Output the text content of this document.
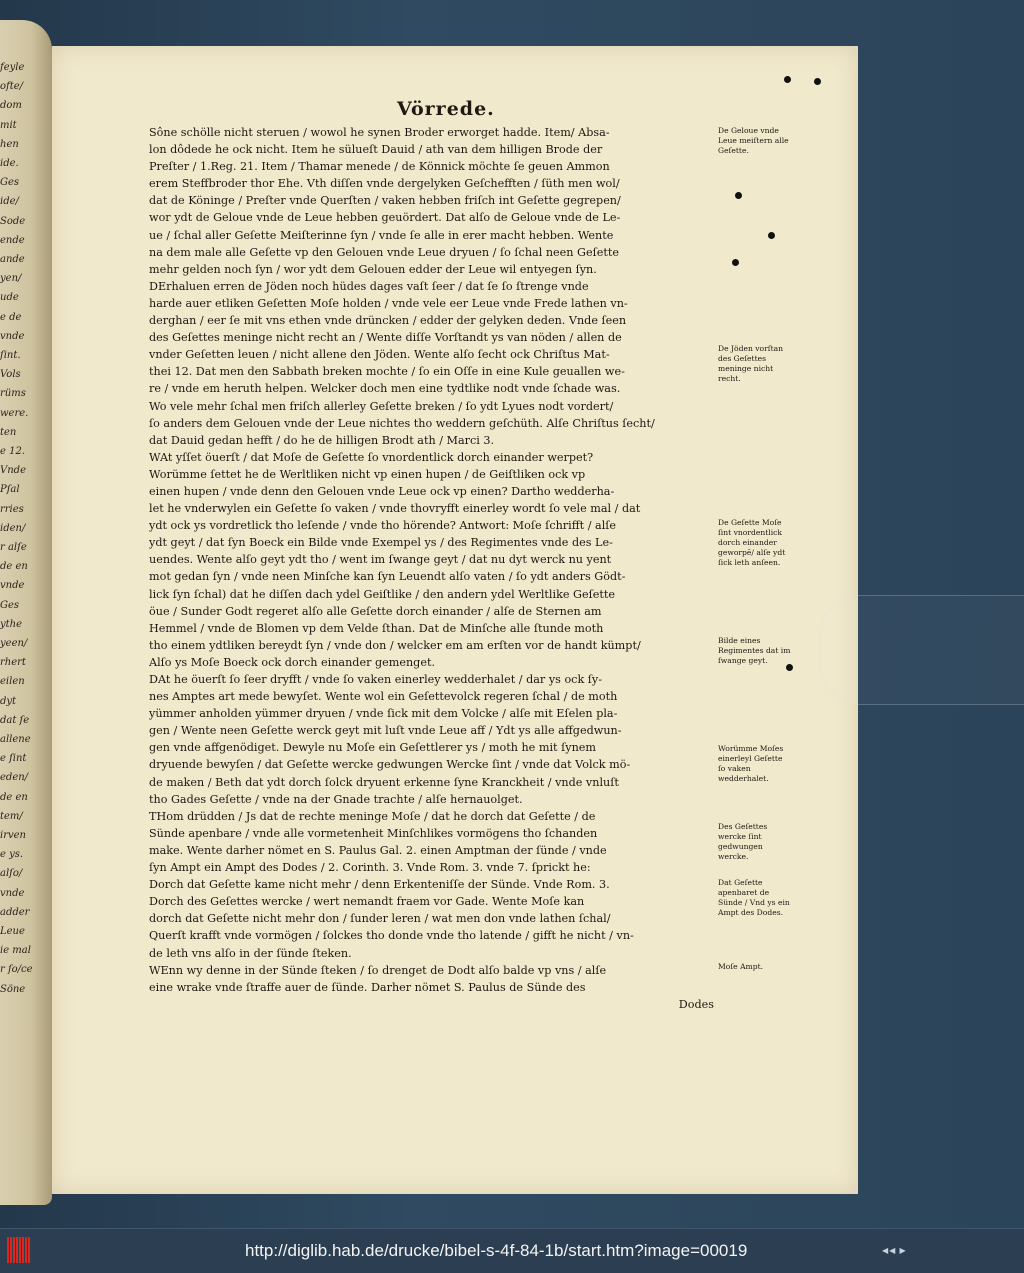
feyle
ofte/
dom
mit
hen
ide.
Ges
ide/
Sode
ende
ande
yen/
ude
e de
vnde
ſint.
Vols
rüms
were.
ten
e 12.
Vnde
Pſal
rries
iden/
r alſe
de en
vnde
Ges
ythe
yeen/
rhert
eilen
dyt
dat ſe
allene
e ſint
eden/
de en
tem/
irven
e ys.
alſo/
vnde
adder
Leue
ie mal
r ſo/ce
Söne
Vörrede.
Sône schölle nicht steruen / wowol he synen Broder erworget hadde. Item/ Absa-
lon dôdede he ock nicht. Item he sülueſt Dauid / ath van dem hilligen Brode der
Preſter / 1.Reg. 21. Item / Thamar menede / de Könnick möchte ſe geuen Ammon
erem Steffbroder thor Ehe. Vth diſſen vnde dergelyken Geſchefften / ſüth men wol/
dat de Köninge / Preſter vnde Querſten / vaken hebben friſch int Geſette gegrepen/
wor ydt de Geloue vnde de Leue hebben geuördert. Dat alſo de Geloue vnde de Le-
ue / ſchal aller Geſette Meiſterinne ſyn / vnde ſe alle in erer macht hebben. Wente
na dem male alle Geſette vp den Gelouen vnde Leue dryuen / ſo ſchal neen Geſette
mehr gelden noch ſyn / wor ydt dem Gelouen edder der Leue wil entyegen ſyn.
DErhaluen erren de Jöden noch hüdes dages vaſt ſeer / dat ſe ſo ſtrenge vnde
harde auer etliken Geſetten Moſe holden / vnde vele eer Leue vnde Frede lathen vn-
derghan / eer ſe mit vns ethen vnde drüncken / edder der gelyken deden. Vnde ſeen
des Geſettes meninge nicht recht an / Wente diſſe Vorſtandt ys van nöden / allen de
vnder Geſetten leuen / nicht allene den Jöden. Wente alſo ſecht ock Chriſtus Mat-
thei 12. Dat men den Sabbath breken mochte / ſo ein Oſſe in eine Kule geuallen we-
re / vnde em heruth helpen. Welcker doch men eine tydtlike nodt vnde ſchade was.
Wo vele mehr ſchal men friſch allerley Geſette breken / ſo ydt Lyues nodt vordert/
ſo anders dem Gelouen vnde der Leue nichtes tho weddern geſchüth. Alſe Chriſtus ſecht/
dat Dauid gedan hefft / do he de hilligen Brodt ath / Marci 3.
WAt yſſet öuerſt / dat Moſe de Geſette ſo vnordentlick dorch einander werpet?
Worümme ſettet he de Werltliken nicht vp einen hupen / de Geiſtliken ock vp
einen hupen / vnde denn den Gelouen vnde Leue ock vp einen? Dartho wedderha-
let he vnderwylen ein Geſette ſo vaken / vnde thovryfft einerley wordt ſo vele mal / dat
ydt ock ys vordretlick tho leſende / vnde tho hörende? Antwort: Moſe ſchrifft / alſe
ydt geyt / dat ſyn Boeck ein Bilde vnde Exempel ys / des Regimentes vnde des Le-
uendes. Wente alſo geyt ydt tho / went im ſwange geyt / dat nu dyt werck nu yent
mot gedan ſyn / vnde neen Minſche kan ſyn Leuendt alſo vaten / ſo ydt anders Gödt-
lick ſyn ſchal) dat he diſſen dach ydel Geiſtlike / den andern ydel Werltlike Geſette
öue / Sunder Godt regeret alſo alle Geſette dorch einander / alſe de Sternen am
Hemmel / vnde de Blomen vp dem Velde ſthan. Dat de Minſche alle ſtunde moth
tho einem ydtliken bereydt ſyn / vnde don / welcker em am erſten vor de handt kümpt/
Alſo ys Moſe Boeck ock dorch einander gemenget.
DAt he öuerſt ſo ſeer dryfft / vnde ſo vaken einerley wedderhalet / dar ys ock ſy-
nes Amptes art mede bewyſet. Wente wol ein Geſettevolck regeren ſchal / de moth
yümmer anholden yümmer dryuen / vnde ſick mit dem Volcke / alſe mit Eſelen pla-
gen / Wente neen Geſette werck geyt mit luſt vnde Leue aff / Ydt ys alle affgedwun-
gen vnde affgenödiget. Dewyle nu Moſe ein Geſettlerer ys / moth he mit ſynem
dryuende bewyſen / dat Geſette wercke gedwungen Wercke ſint / vnde dat Volck mö-
de maken / Beth dat ydt dorch ſolck dryuent erkenne ſyne Kranckheit / vnde vnluſt
tho Gades Geſette / vnde na der Gnade trachte / alſe hernauolget.
THom drüdden / Js dat de rechte meninge Moſe / dat he dorch dat Geſette / de
Sünde apenbare / vnde alle vormetenheit Minſchlikes vormögens tho ſchanden
make. Wente darher nömet en S. Paulus Gal. 2. einen Amptman der ſünde / vnde
ſyn Ampt ein Ampt des Dodes / 2. Corinth. 3. Vnde Rom. 3. vnde 7. ſprickt he:
Dorch dat Geſette kame nicht mehr / denn Erkenteniſſe der Sünde. Vnde Rom. 3.
Dorch des Geſettes wercke / wert nemandt fraem vor Gade. Wente Moſe kan
dorch dat Geſette nicht mehr don / ſunder leren / wat men don vnde lathen ſchal/
Querſt krafft vnde vormögen / ſolckes tho donde vnde tho latende / gifft he nicht / vn-
de leth vns alſo in der ſünde ſteken.
WEnn wy denne in der Sünde ſteken / ſo drenget de Dodt alſo balde vp vns / alſe
eine wrake vnde ſtraffe auer de ſünde. Darher nömet S. Paulus de Sünde des
Dodes
De Geloue vnde Leue meiſtern alle Geſette.
De Jöden vorſtan des Geſettes meninge nicht recht.
De Geſette Moſe ſint vnordentlick dorch einander geworpē/ alſe ydt ſick leth anſeen.
Bilde eines Regimentes dat im ſwange geyt.
Worümme Moſes einerleyl Geſette ſo vaken wedderhalet.
Des Geſettes wercke ſint gedwungen wercke.
Dat Geſette apenbaret de Sünde / Vnd ys ein Ampt des Dodes.
Moſe Ampt.
http://diglib.hab.de/drucke/bibel-s-4f-84-1b/start.htm?image=00019	◀◀ ▶
